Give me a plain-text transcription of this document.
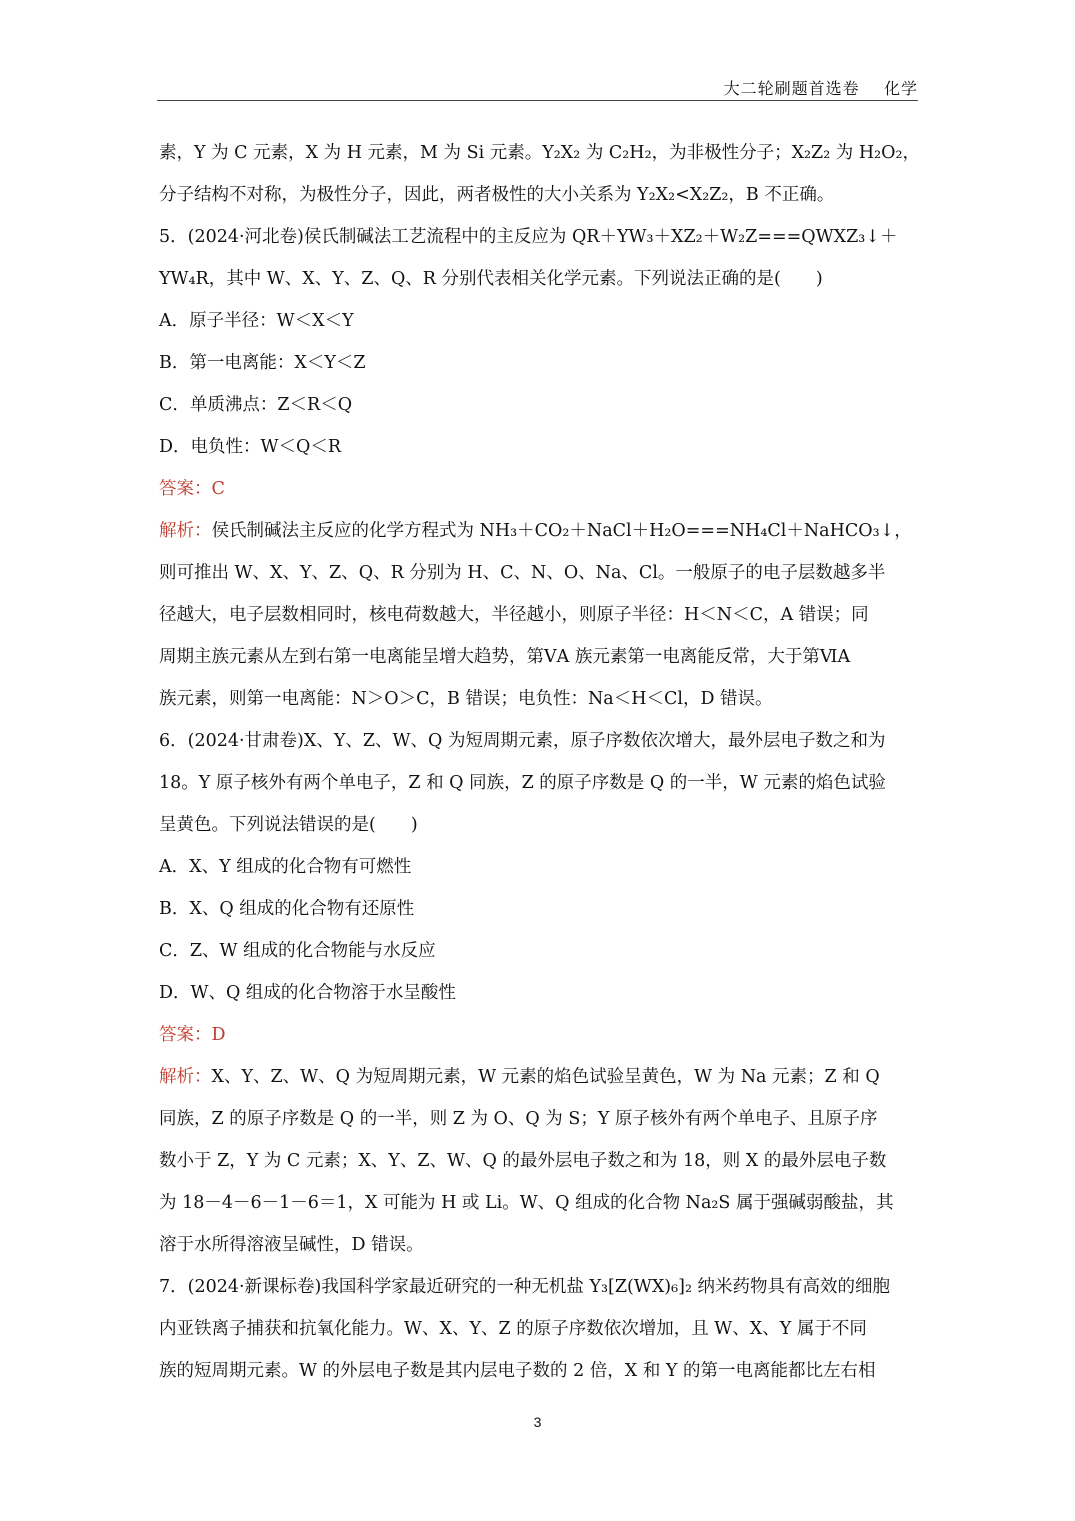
大二轮刷题首选卷    化学
素，Y 为 C 元素，X 为 H 元素，M 为 Si 元素。Y₂X₂ 为 C₂H₂，为非极性分子；X₂Z₂ 为 H₂O₂，
分子结构不对称，为极性分子，因此，两者极性的大小关系为 Y₂X₂<X₂Z₂，B 不正确。
5．(2024·河北卷)侯氏制碱法工艺流程中的主反应为 QR＋YW₃＋XZ₂＋W₂Z===QWXZ₃↓＋
YW₄R，其中 W、X、Y、Z、Q、R 分别代表相关化学元素。下列说法正确的是(　　)
A．原子半径：W＜X＜Y
B．第一电离能：X＜Y＜Z
C．单质沸点：Z＜R＜Q
D．电负性：W＜Q＜R
答案：C
解析：侯氏制碱法主反应的化学方程式为 NH₃＋CO₂＋NaCl＋H₂O===NH₄Cl＋NaHCO₃↓，
则可推出 W、X、Y、Z、Q、R 分别为 H、C、N、O、Na、Cl。一般原子的电子层数越多半
径越大，电子层数相同时，核电荷数越大，半径越小，则原子半径：H＜N＜C，A 错误；同
周期主族元素从左到右第一电离能呈增大趋势，第ⅤA 族元素第一电离能反常，大于第ⅥA
族元素，则第一电离能：N＞O＞C，B 错误；电负性：Na＜H＜Cl，D 错误。
6．(2024·甘肃卷)X、Y、Z、W、Q 为短周期元素，原子序数依次增大，最外层电子数之和为
18。Y 原子核外有两个单电子，Z 和 Q 同族，Z 的原子序数是 Q 的一半，W 元素的焰色试验
呈黄色。下列说法错误的是(　　)
A．X、Y 组成的化合物有可燃性
B．X、Q 组成的化合物有还原性
C．Z、W 组成的化合物能与水反应
D．W、Q 组成的化合物溶于水呈酸性
答案：D
解析：X、Y、Z、W、Q 为短周期元素，W 元素的焰色试验呈黄色，W 为 Na 元素；Z 和 Q
同族，Z 的原子序数是 Q 的一半，则 Z 为 O、Q 为 S；Y 原子核外有两个单电子、且原子序
数小于 Z，Y 为 C 元素；X、Y、Z、W、Q 的最外层电子数之和为 18，则 X 的最外层电子数
为 18－4－6－1－6＝1，X 可能为 H 或 Li。W、Q 组成的化合物 Na₂S 属于强碱弱酸盐，其
溶于水所得溶液呈碱性，D 错误。
7．(2024·新课标卷)我国科学家最近研究的一种无机盐 Y₃[Z(WX)₆]₂ 纳米药物具有高效的细胞
内亚铁离子捕获和抗氧化能力。W、X、Y、Z 的原子序数依次增加，且 W、X、Y 属于不同
族的短周期元素。W 的外层电子数是其内层电子数的 2 倍，X 和 Y 的第一电离能都比左右相
3
